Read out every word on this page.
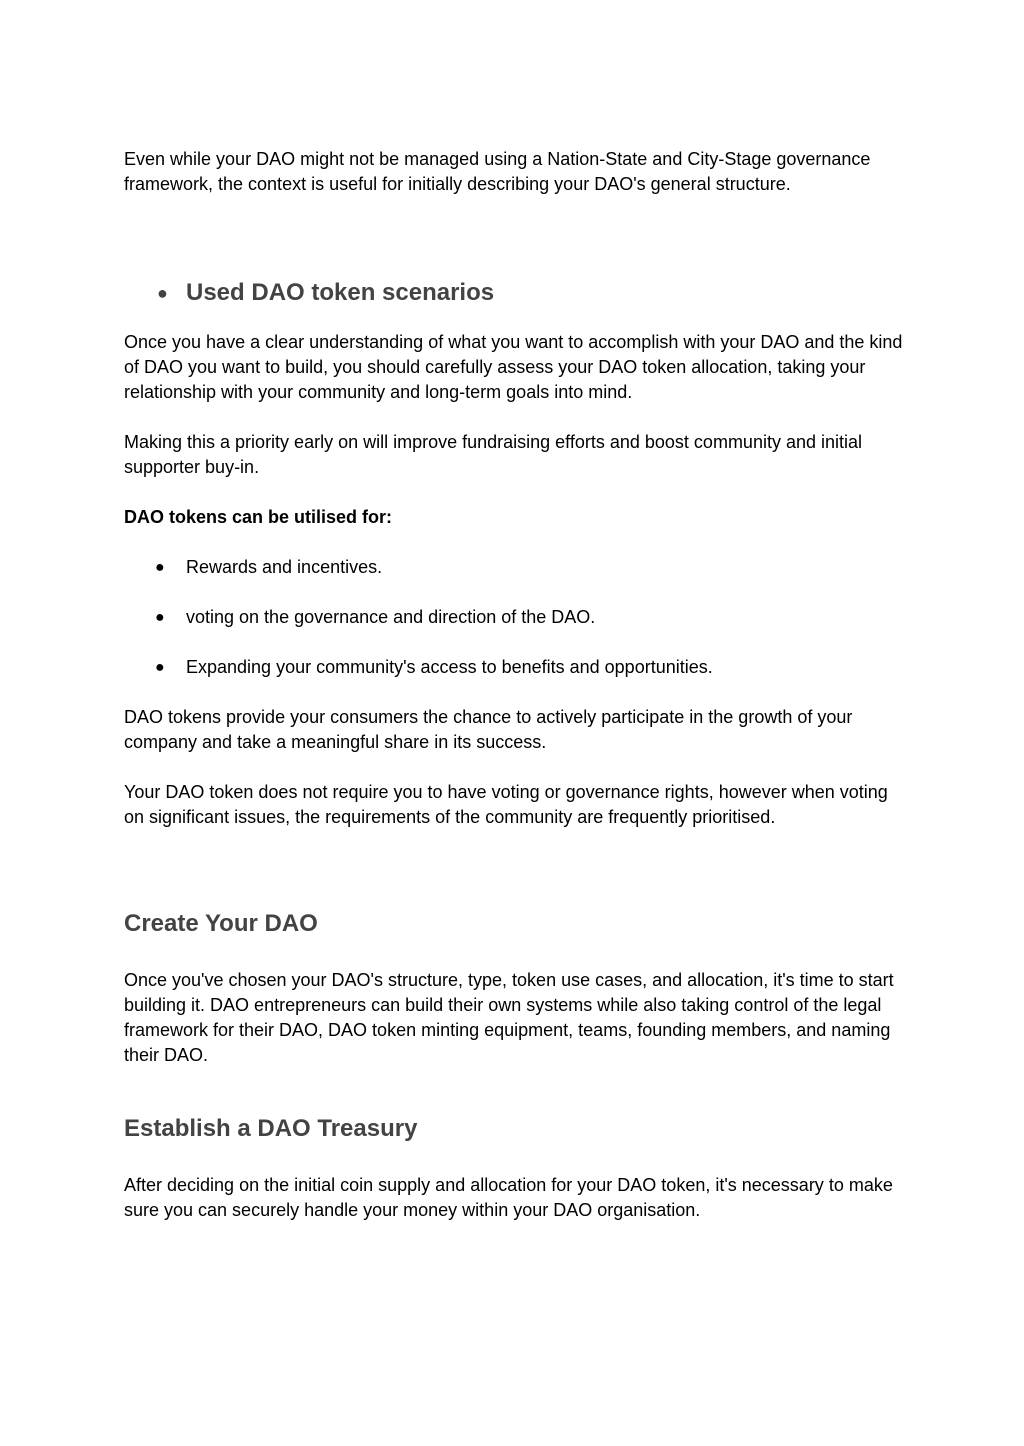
Even while your DAO might not be managed using a Nation-State and City-Stage governance framework, the context is useful for initially describing your DAO's general structure.

● Used DAO token scenarios

Once you have a clear understanding of what you want to accomplish with your DAO and the kind of DAO you want to build, you should carefully assess your DAO token allocation, taking your relationship with your community and long-term goals into mind.

Making this a priority early on will improve fundraising efforts and boost community and initial supporter buy-in.

DAO tokens can be utilised for:

●	Rewards and incentives.
●	voting on the governance and direction of the DAO.
●	Expanding your community's access to benefits and opportunities.

DAO tokens provide your consumers the chance to actively participate in the growth of your company and take a meaningful share in its success.

Your DAO token does not require you to have voting or governance rights, however when voting on significant issues, the requirements of the community are frequently prioritised.

Create Your DAO

Once you've chosen your DAO's structure, type, token use cases, and allocation, it's time to start building it. DAO entrepreneurs can build their own systems while also taking control of the legal framework for their DAO, DAO token minting equipment, teams, founding members, and naming their DAO.

Establish a DAO Treasury

After deciding on the initial coin supply and allocation for your DAO token, it's necessary to make sure you can securely handle your money within your DAO organisation.
